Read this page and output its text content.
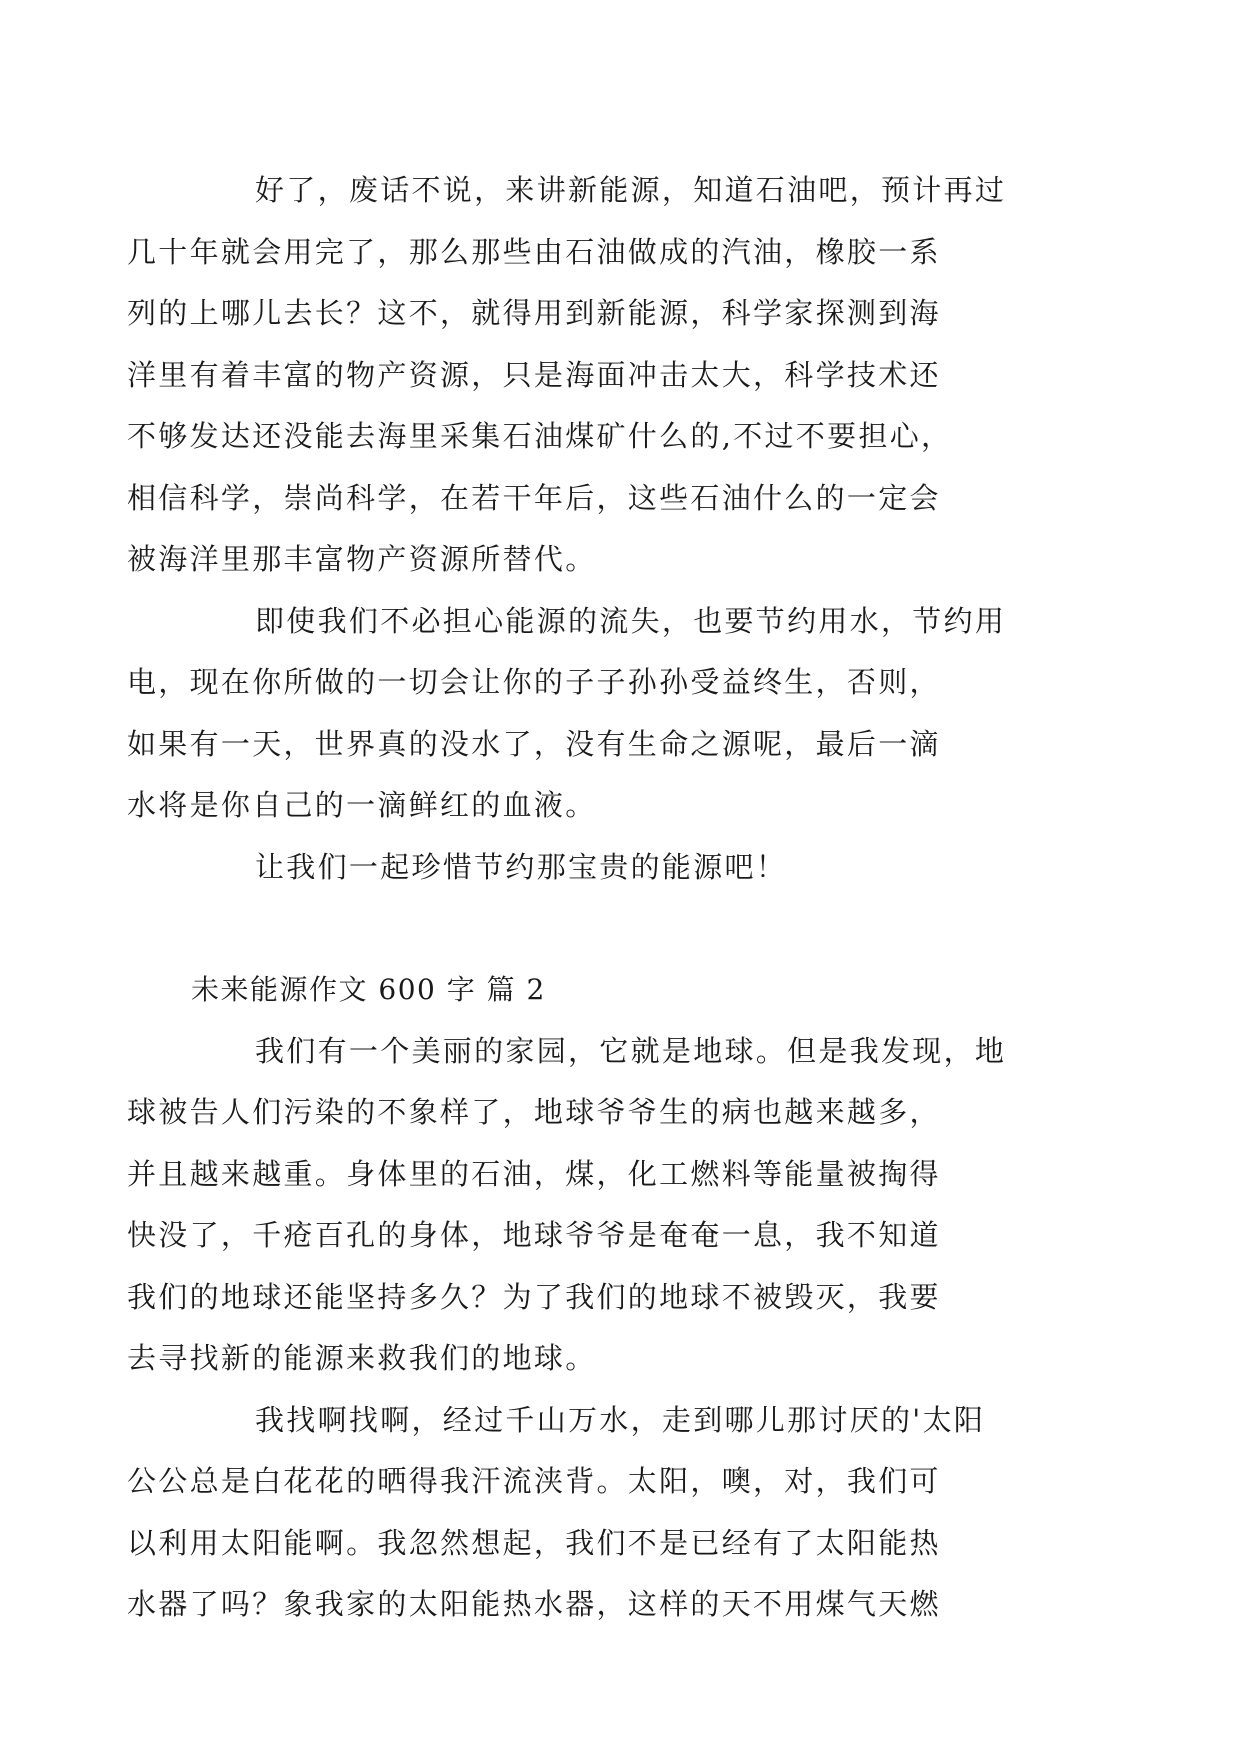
好了，废话不说，来讲新能源，知道石油吧，预计再过
几十年就会用完了，那么那些由石油做成的汽油，橡胶一系
列的上哪儿去长？这不，就得用到新能源，科学家探测到海
洋里有着丰富的物产资源，只是海面冲击太大，科学技术还
不够发达还没能去海里采集石油煤矿什么的,不过不要担心，
相信科学，崇尚科学，在若干年后，这些石油什么的一定会
被海洋里那丰富物产资源所替代。
即使我们不必担心能源的流失，也要节约用水，节约用
电，现在你所做的一切会让你的子子孙孙受益终生，否则，
如果有一天，世界真的没水了，没有生命之源呢，最后一滴
水将是你自己的一滴鲜红的血液。
让我们一起珍惜节约那宝贵的能源吧！
未来能源作文 600 字 篇 2
我们有一个美丽的家园，它就是地球。但是我发现，地
球被告人们污染的不象样了，地球爷爷生的病也越来越多，
并且越来越重。身体里的石油，煤，化工燃料等能量被掏得
快没了，千疮百孔的身体，地球爷爷是奄奄一息，我不知道
我们的地球还能坚持多久？为了我们的地球不被毁灭，我要
去寻找新的能源来救我们的地球。
我找啊找啊，经过千山万水，走到哪儿那讨厌的'太阳
公公总是白花花的晒得我汗流浃背。太阳，噢，对，我们可
以利用太阳能啊。我忽然想起，我们不是已经有了太阳能热
水器了吗？象我家的太阳能热水器，这样的天不用煤气天燃
